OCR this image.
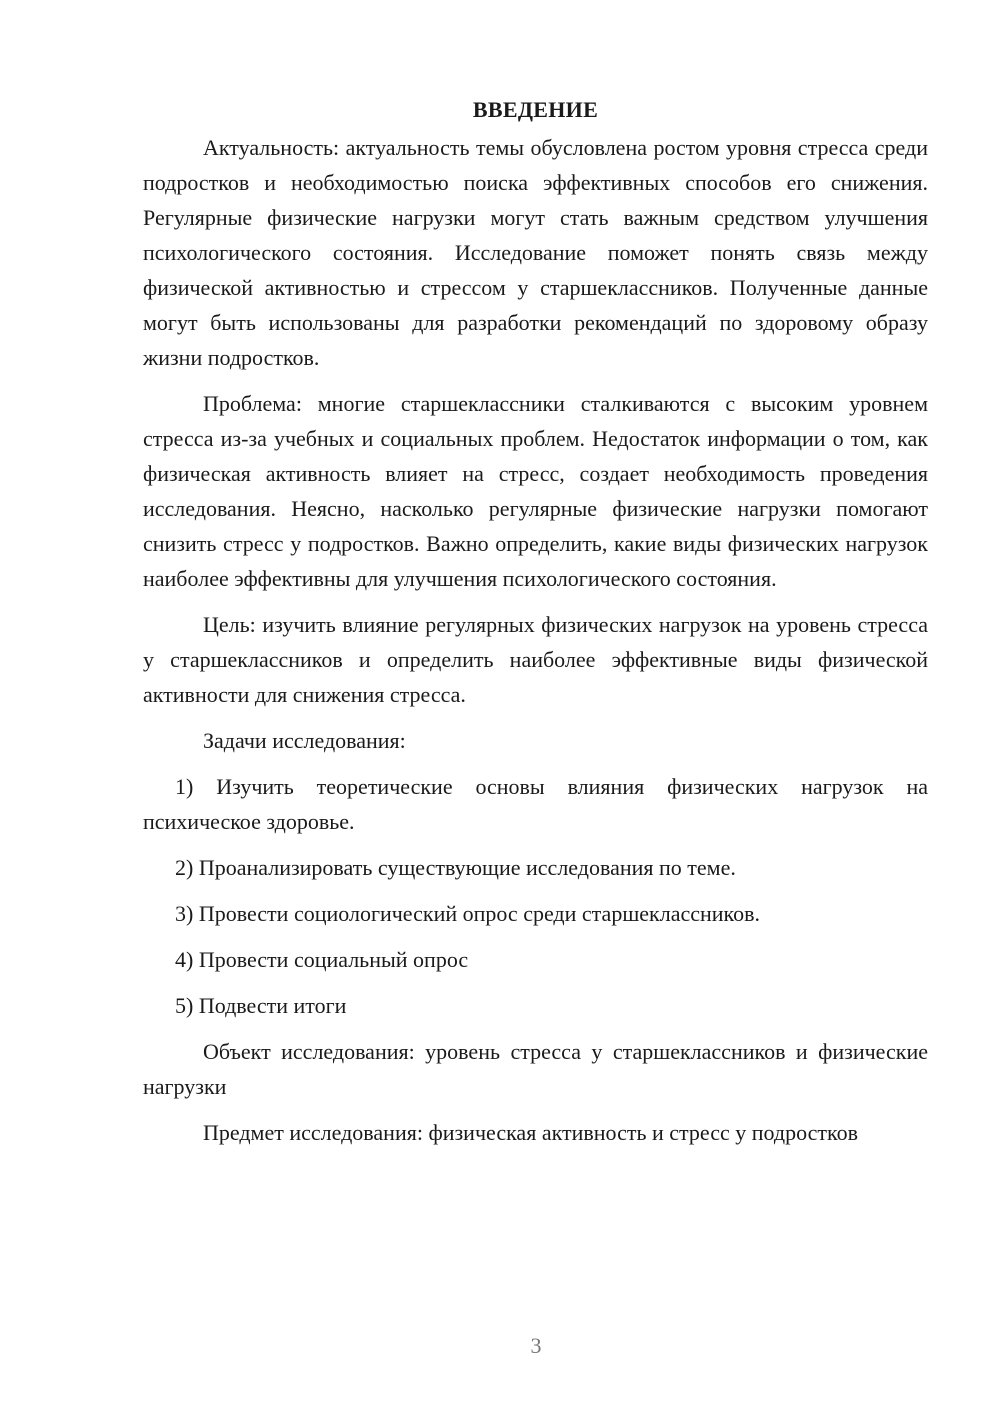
ВВЕДЕНИЕ

Актуальность: актуальность темы обусловлена ростом уровня стресса среди подростков и необходимостью поиска эффективных способов его снижения. Регулярные физические нагрузки могут стать важным средством улучшения психологического состояния. Исследование поможет понять связь между физической активностью и стрессом у старшеклассников. Полученные данные могут быть использованы для разработки рекомендаций по здоровому образу жизни подростков.

Проблема: многие старшеклассники сталкиваются с высоким уровнем стресса из-за учебных и социальных проблем. Недостаток информации о том, как физическая активность влияет на стресс, создает необходимость проведения исследования. Неясно, насколько регулярные физические нагрузки помогают снизить стресс у подростков. Важно определить, какие виды физических нагрузок наиболее эффективны для улучшения психологического состояния.

Цель: изучить влияние регулярных физических нагрузок на уровень стресса у старшеклассников и определить наиболее эффективные виды физической активности для снижения стресса.

Задачи исследования:

1) Изучить теоретические основы влияния физических нагрузок на психическое здоровье.

2) Проанализировать существующие исследования по теме.

3) Провести социологический опрос среди старшеклассников.

4) Провести социальный опрос

5) Подвести итоги

Объект исследования: уровень стресса у старшеклассников и физические нагрузки

Предмет исследования: физическая активность и стресс у подростков

3
